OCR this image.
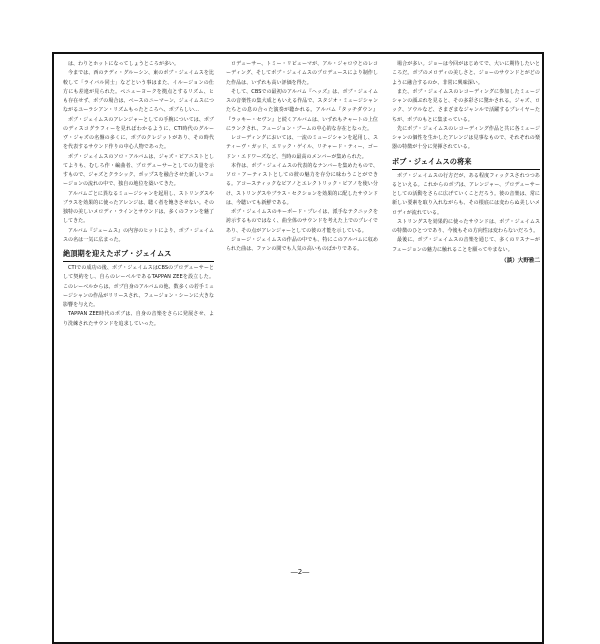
は、わりとホットになってしょうところが多い。

今までは、西のテディ・グルーシン、東のボブ・ジェイムスを比較して「ライバル同士」などという事はまた、イルージョンの仕方にも差違が見られた。ぺニューヨークを拠点とするリズム、ヒも存在せず、ボブの場合は、ベースのニーマーン、ジェイムスにつながるユーラシアン・リズムもったところへ、ボブらしい…

ボブ・ジェイムスのアレンジャーとしての手腕については、ボブのディスコグラフィーを見ればわかるように、CTI時代のグルーヴ・ジャズの名盤の多くに、ボブのクレジットがあり、その時代を代表するサウンド作りの中心人物であった。

ボブ・ジェイムスのソロ・アルバムは、ジャズ・ピアニストとしてよりも、むしろ作・編曲者、プロデューサーとしての力量を示すもので、ジャズとクラシック、ポップスを融合させた新しいフュージョンの流れの中で、独自の地位を築いてきた。

アルバムごとに異なるミュージシャンを起用し、ストリングスやブラスを効果的に使ったアレンジは、聴く者を飽きさせない。その独特の美しいメロディ・ラインとサウンドは、多くのファンを魅了してきた。

アルバム『ジェームス』の内容のヒットにより、ボブ・ジェイムスの名は一気に広まった。

絶頂期を迎えたボブ・ジェイムス

CTIでの成功の後、ボブ・ジェイムスはCBSのプロデューサーとして契約をし、自らのレーベルであるTAPPAN ZEEを設立した。このレーベルからは、ボブ自身のアルバムの他、数多くの若手ミュージシャンの作品がリリースされ、フュージョン・シーンに大きな影響を与えた。

TAPPAN ZEE時代のボブは、自身の音楽をさらに発展させ、より洗練されたサウンドを追求していった。

ロデューサー、トミー・リピューマが、アル・ジャロウとのレコーディング、そしてボブ・ジェイムスのプロデュースにより制作した作品は、いずれも高い評価を得た。

そして、CBSでの最初のアルバム『ヘッズ』は、ボブ・ジェイムスの音楽性の集大成ともいえる作品で、スタジオ・ミュージシャンたちとの息の合った演奏が聴かれる。アルバム『タッチダウン』『ラッキー・セヴン』と続くアルバムは、いずれもチャートの上位にランクされ、フュージョン・ブームの中心的な存在となった。

レコーディングにおいては、一流のミュージシャンを起用し、スティーヴ・ガッド、エリック・ゲイル、リチャード・ティー、ゴードン・エドワーズなど、当時の最高のメンバーが集められた。

本作は、ボブ・ジェイムスの代表的なナンバーを集めたもので、ソロ・アーティストとしての彼の魅力を存分に味わうことができる。アコースティックなピアノとエレクトリック・ピアノを使い分け、ストリングスやブラス・セクションを効果的に配したサウンドは、今聴いても新鮮である。

ボブ・ジェイムスのキーボード・プレイは、派手なテクニックを誇示するものではなく、曲全体のサウンドを考えた上でのプレイであり、その点がアレンジャーとしての彼の才能を示している。

ジョージ・ジェイムスの作品の中でも、特にこのアルバムに収められた曲は、ファンの間でも人気の高いものばかりである。

場合が多い。ジョーは今回がはじめてで、大いに期待したいところだ。ボブのメロディの美しさと、ジョーのサウンドとがどのように融合するのか、非常に興味深い。

また、ボブ・ジェイムスのレコーディングに参加したミュージシャンの顔ぶれを見ると、その多彩さに驚かされる。ジャズ、ロック、ソウルなど、さまざまなジャンルで活躍するプレイヤーたちが、ボブのもとに集まっている。

先にボブ・ジェイムスのレコーディング作品と共に各ミュージシャンの個性を生かしたアレンジは見事なもので、それぞれの楽器の特徴が十分に発揮されている。

ボブ・ジェイムスの将来

ボブ・ジェイムスの行方だが、ある程度フィックスされつつあるといえる。これからのボブは、アレンジャー、プロデューサーとしての活動をさらに広げていくことだろう。彼の音楽は、常に新しい要素を取り入れながらも、その根底には変わらぬ美しいメロディが流れている。

ストリングスを効果的に使ったサウンドは、ボブ・ジェイムスの特徴のひとつであり、今後もその方向性は変わらないだろう。

最後に、ボブ・ジェイムスの音楽を通じて、多くのリスナーがフュージョンの魅力に触れることを願ってやまない。

（談）大野雅二
―2―
